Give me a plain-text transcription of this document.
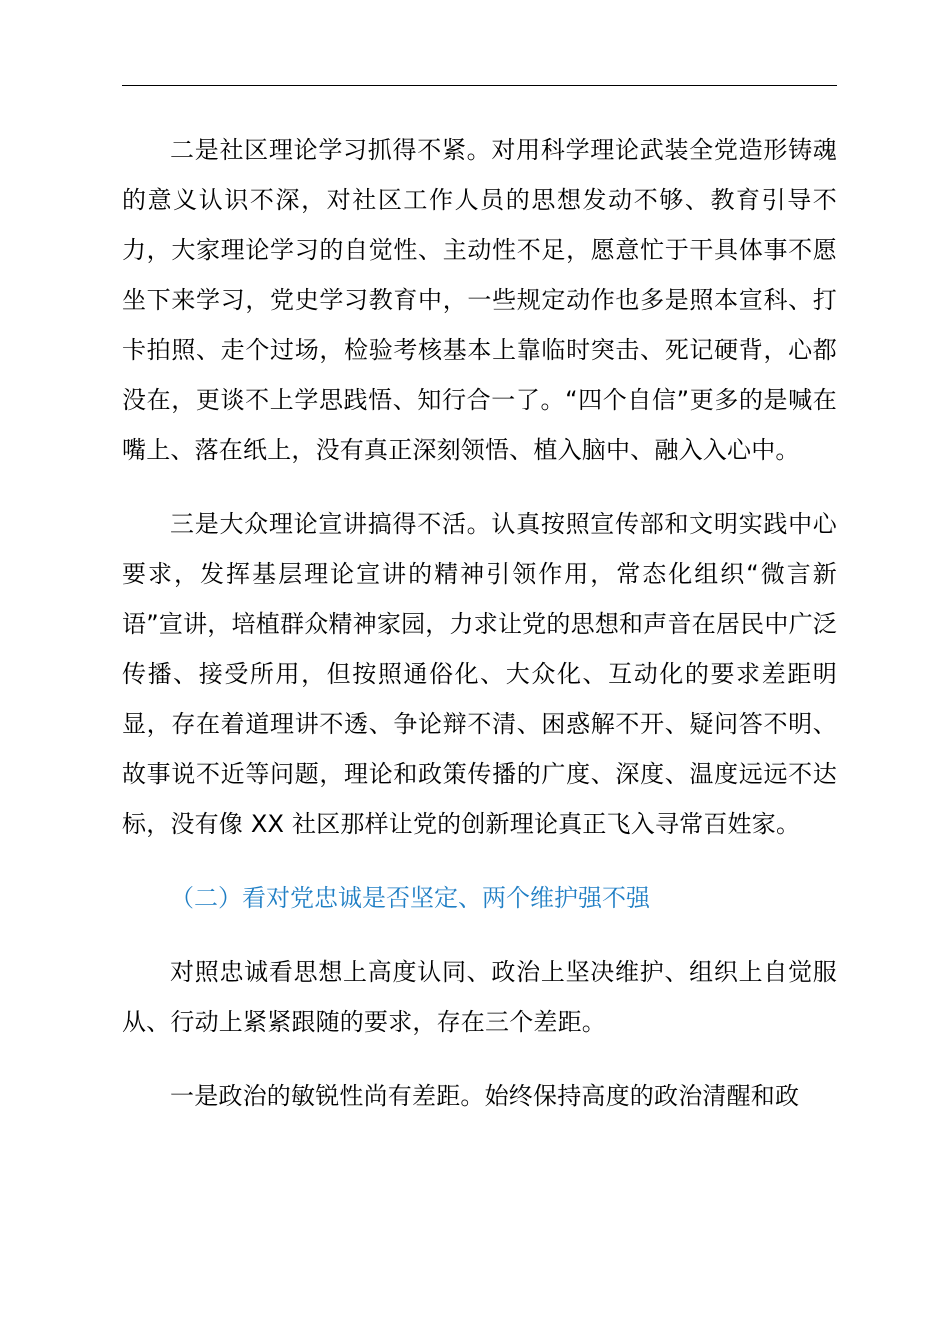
二是社区理论学习抓得不紧。对用科学理论武装全党造形铸魂的意义认识不深，对社区工作人员的思想发动不够、教育引导不力，大家理论学习的自觉性、主动性不足，愿意忙于干具体事不愿坐下来学习，党史学习教育中，一些规定动作也多是照本宣科、打卡拍照、走个过场，检验考核基本上靠临时突击、死记硬背，心都没在，更谈不上学思践悟、知行合一了。“四个自信”更多的是喊在嘴上、落在纸上，没有真正深刻领悟、植入脑中、融入入心中。

三是大众理论宣讲搞得不活。认真按照宣传部和文明实践中心要求，发挥基层理论宣讲的精神引领作用，常态化组织“微言新语”宣讲，培植群众精神家园，力求让党的思想和声音在居民中广泛传播、接受所用，但按照通俗化、大众化、互动化的要求差距明显，存在着道理讲不透、争论辩不清、困惑解不开、疑问答不明、故事说不近等问题，理论和政策传播的广度、深度、温度远远不达标，没有像 XX 社区那样让党的创新理论真正飞入寻常百姓家。

（二）看对党忠诚是否坚定、两个维护强不强

对照忠诚看思想上高度认同、政治上坚决维护、组织上自觉服从、行动上紧紧跟随的要求，存在三个差距。

一是政治的敏锐性尚有差距。始终保持高度的政治清醒和政
